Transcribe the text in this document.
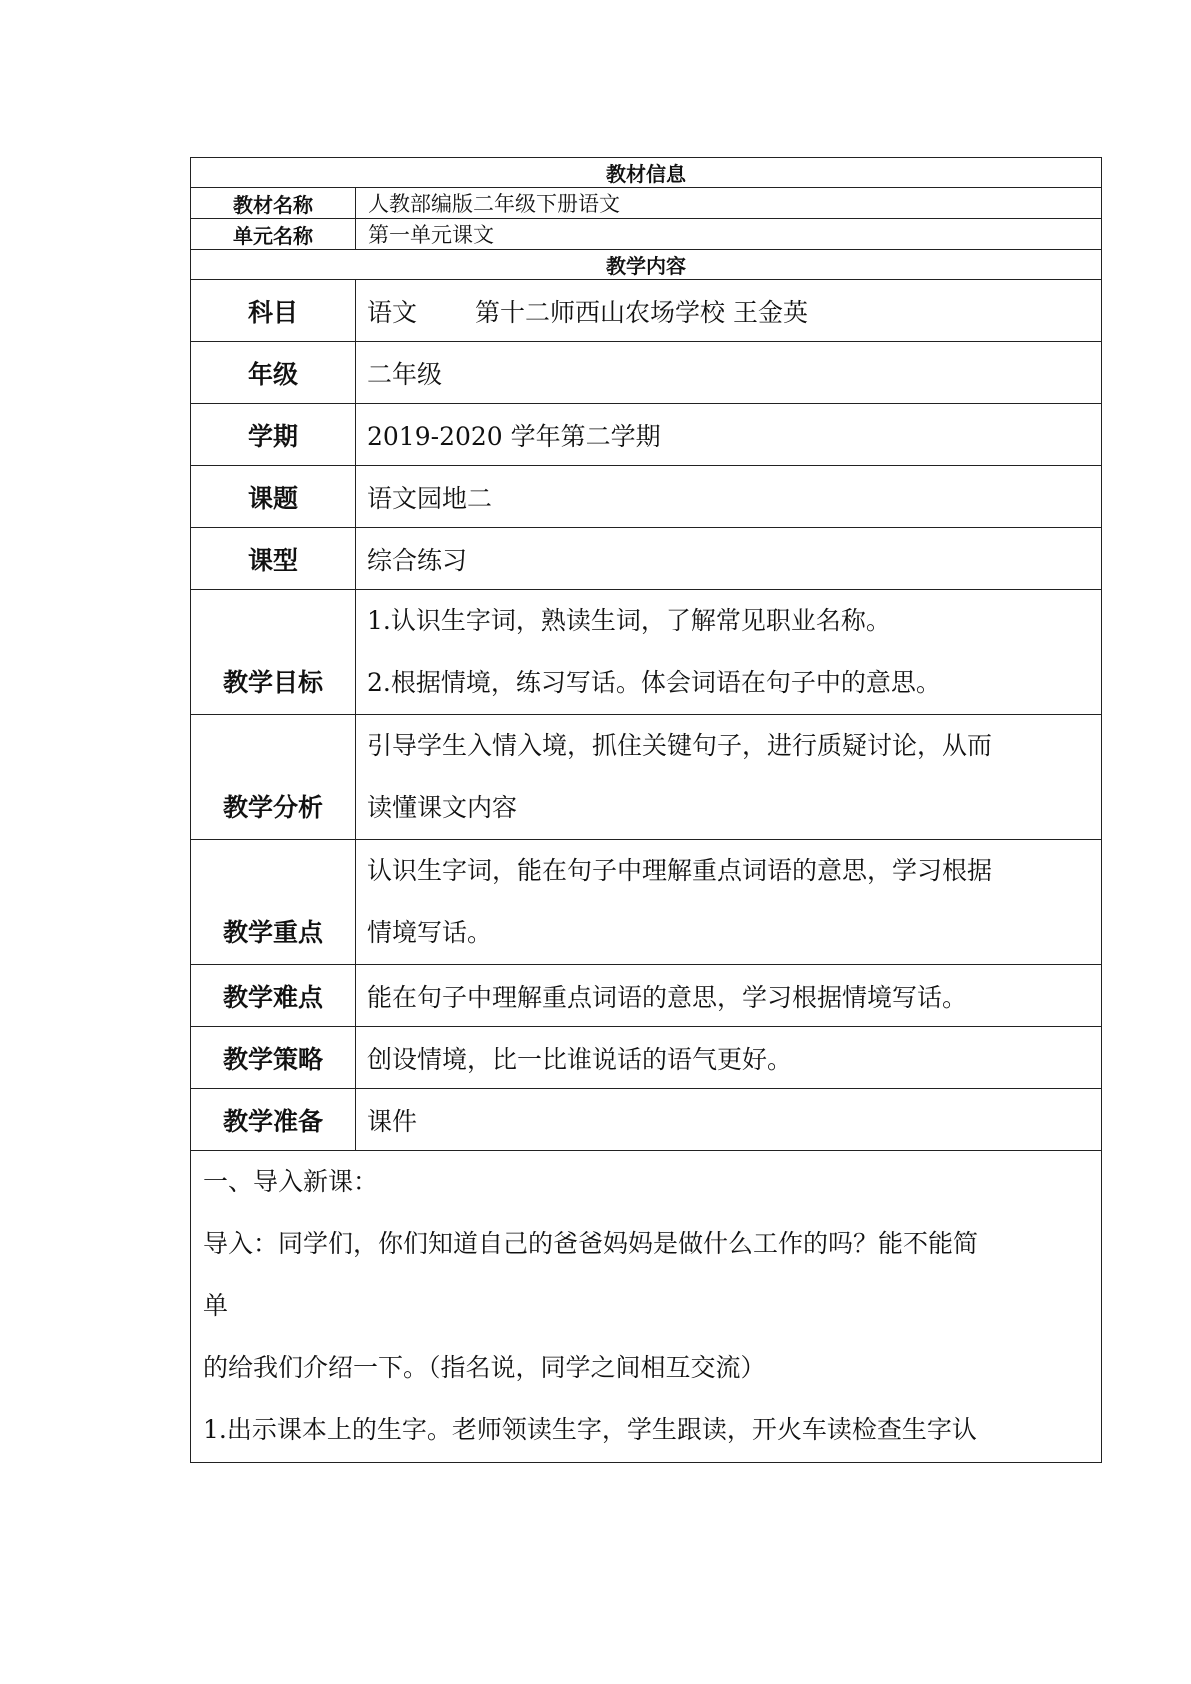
教材信息	
教材名称	人教部编版二年级下册语文
单元名称	第一单元课文
教学内容	
科目	语文 第十二师西山农场学校 王金英
年级	二年级
学期	2019-2020 学年第二学期
课题	语文园地二
课型	综合练习

教学目标	1.认识生字词，熟读生词，了解常见职业名称。
2.根据情境，练习写话。体会词语在句子中的意思。

教学分析	引导学生入情入境，抓住关键句子，进行质疑讨论，从而
读懂课文内容

教学重点	认识生字词，能在句子中理解重点词语的意思，学习根据
情境写话。

教学难点	能在句子中理解重点词语的意思，学习根据情境写话。
教学策略	创设情境，比一比谁说话的语气更好。
教学准备	课件

一、导入新课：
导入：同学们，你们知道自己的爸爸妈妈是做什么工作的吗？能不能简
单
的给我们介绍一下。（指名说，同学之间相互交流）
1.出示课本上的生字。老师领读生字，学生跟读，开火车读检查生字认	
